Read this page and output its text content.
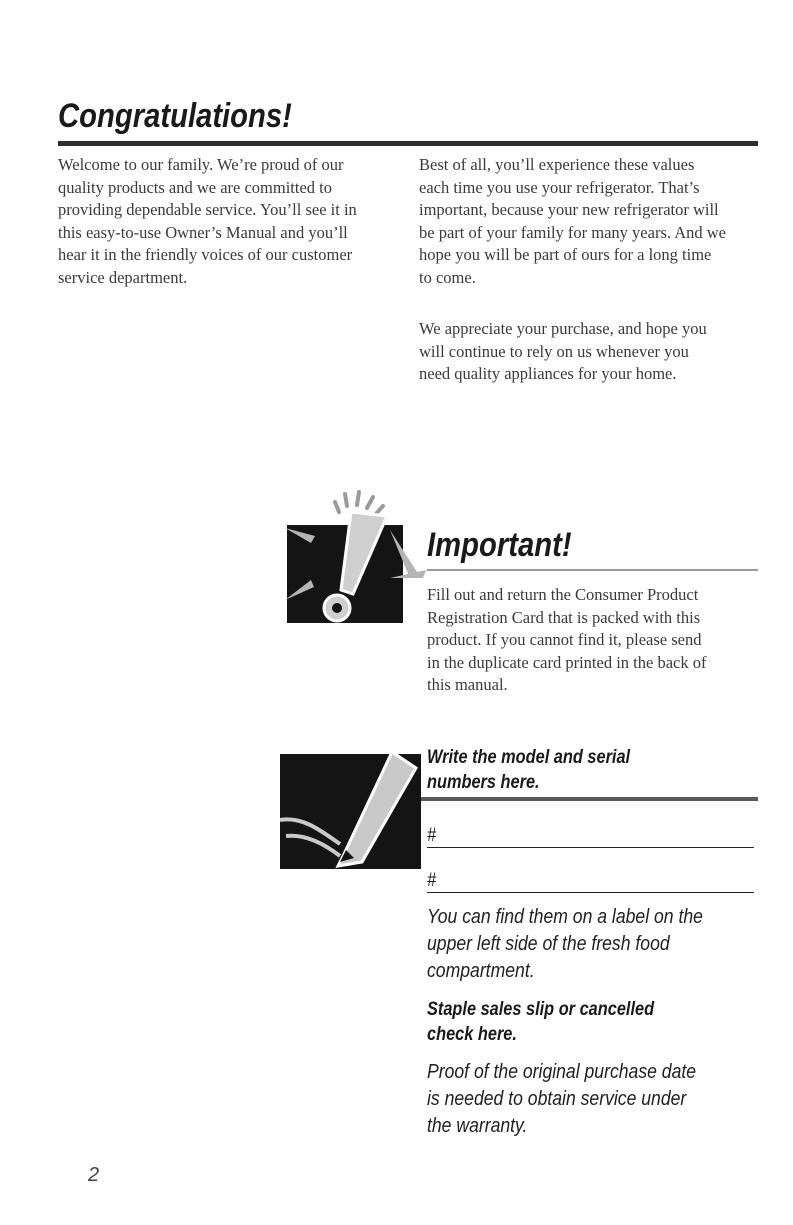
Congratulations!

Welcome to our family. We’re proud of our

quality products and we are committed to

providing dependable service. You’ll see it in

this easy-to-use Owner’s Manual and you’ll

hear it in the friendly voices of our customer

service department.

Best of all, you’ll experience these values

each time you use your refrigerator. That’s

important, because your new refrigerator will

be part of your family for many years. And we

hope you will be part of ours for a long time

to come.

We appreciate your purchase, and hope you

will continue to rely on us whenever you

need quality appliances for your home.

Important!

Fill out and return the Consumer Product

Registration Card that is packed with this

product. If you cannot find it, please send

in the duplicate card printed in the back of

this manual.

Write the model and serial

numbers here.

#
#

You can find them on a label on the

upper left side of the fresh food

compartment.

Staple sales slip or cancelled

check here.

Proof of the original purchase date

is needed to obtain service under

the warranty.

2
